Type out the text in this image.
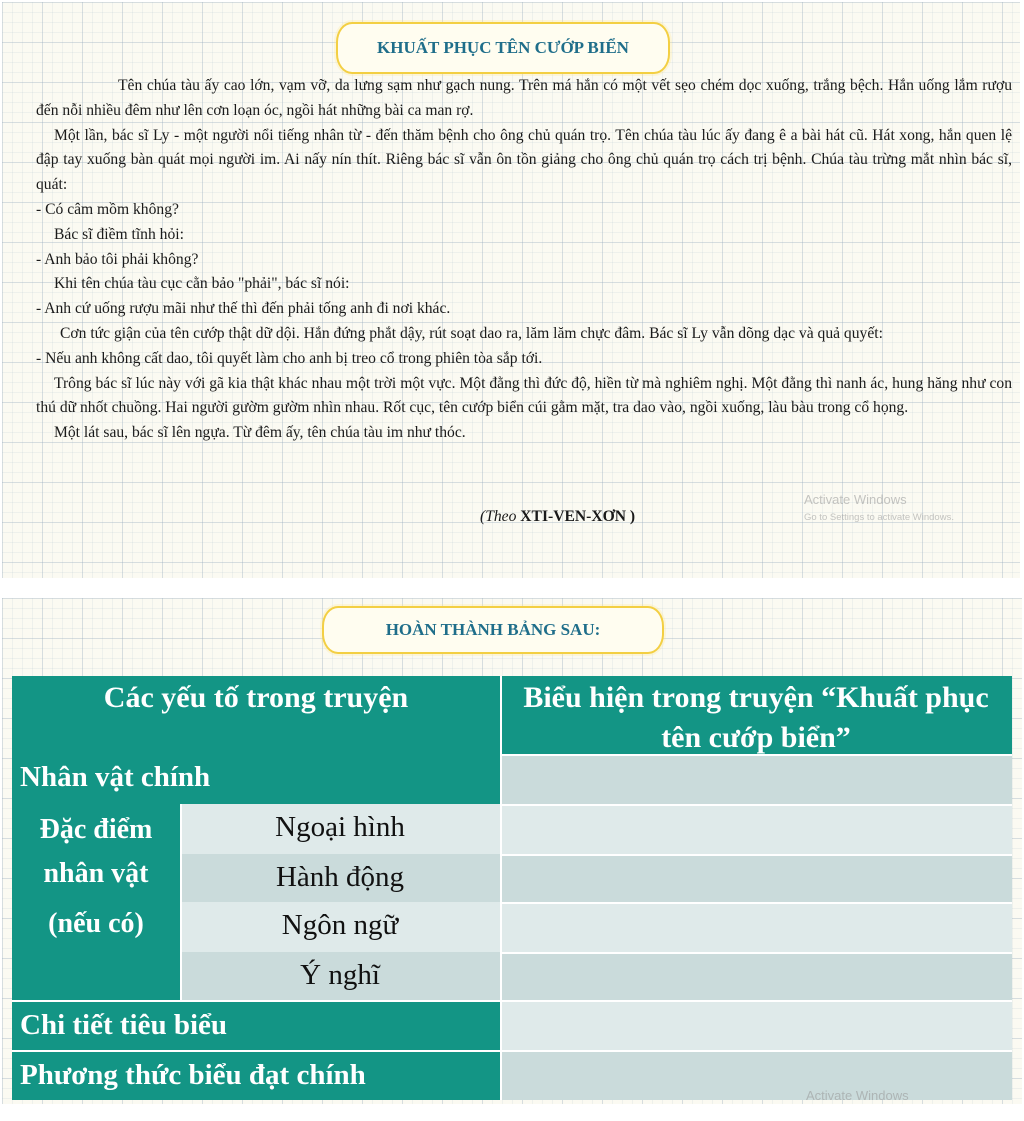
KHUẤT PHỤC TÊN CƯỚP BIỂN

Tên chúa tàu ấy cao lớn, vạm vỡ, da lưng sạm như gạch nung. Trên má hắn có một vết sẹo chém dọc xuống, trắng bệch. Hắn uống lắm rượu đến nỗi nhiều đêm như lên cơn loạn óc, ngồi hát những bài ca man rợ.

Một lần, bác sĩ Ly - một người nổi tiếng nhân từ - đến thăm bệnh cho ông chủ quán trọ. Tên chúa tàu lúc ấy đang ê a bài hát cũ. Hát xong, hắn quen lệ đập tay xuống bàn quát mọi người im. Ai nấy nín thít. Riêng bác sĩ vẫn ôn tồn giảng cho ông chủ quán trọ cách trị bệnh. Chúa tàu trừng mắt nhìn bác sĩ, quát:

- Có câm mồm không?

Bác sĩ điềm tĩnh hỏi:

- Anh bảo tôi phải không?

Khi tên chúa tàu cục cằn bảo "phải", bác sĩ nói:

- Anh cứ uống rượu mãi như thế thì đến phải tống anh đi nơi khác.

Cơn tức giận của tên cướp thật dữ dội. Hắn đứng phắt dậy, rút soạt dao ra, lăm lăm chực đâm. Bác sĩ Ly vẫn dõng dạc và quả quyết:

- Nếu anh không cất dao, tôi quyết làm cho anh bị treo cổ trong phiên tòa sắp tới.

Trông bác sĩ lúc này với gã kia thật khác nhau một trời một vực. Một đằng thì đức độ, hiền từ mà nghiêm nghị. Một đằng thì nanh ác, hung hăng như con thú dữ nhốt chuồng. Hai người gườm gườm nhìn nhau. Rốt cục, tên cướp biển cúi gằm mặt, tra dao vào, ngồi xuống, làu bàu trong cổ họng.

Một lát sau, bác sĩ lên ngựa. Từ đêm ấy, tên chúa tàu im như thóc.

(Theo XTI-VEN-XƠN )
Activate Windows
Go to Settings to activate Windows.
HOÀN THÀNH BẢNG SAU:
Các yếu tố trong truyện	Biểu hiện trong truyện “Khuất phục tên cướp biển”
Nhân vật chính
Đặc điểm
nhân vật
(nếu có)
Ngoại hình
Hành động
Ngôn ngữ
Ý nghĩ
Chi tiết tiêu biểu
Phương thức biểu đạt chính
Activate Windows
